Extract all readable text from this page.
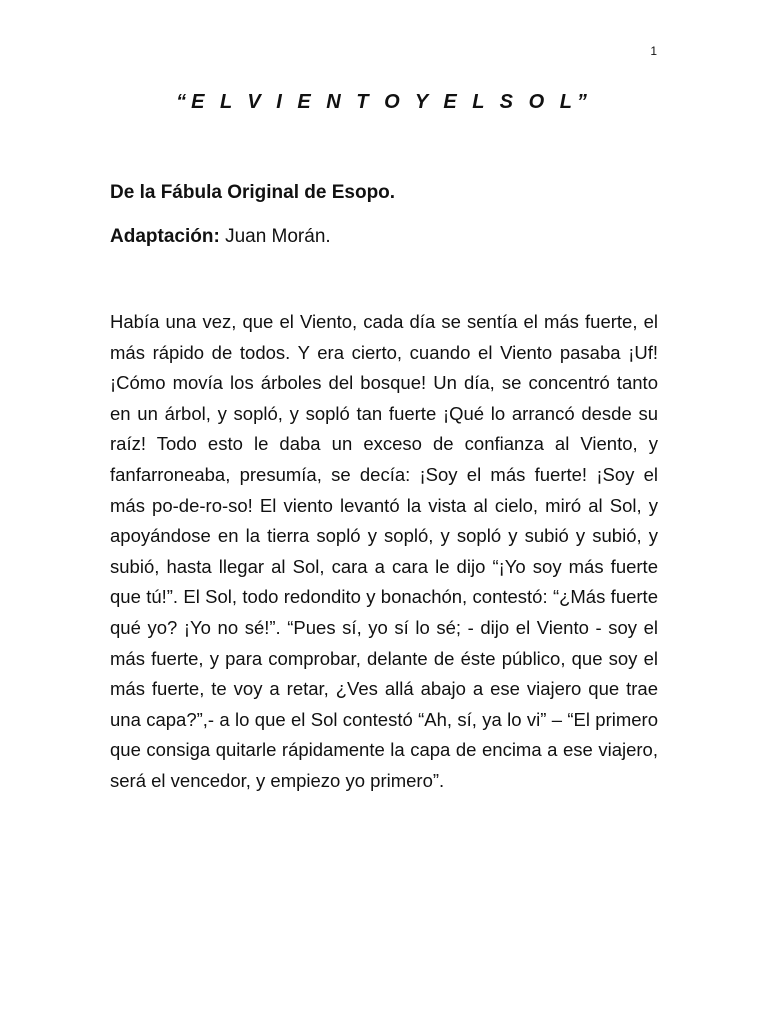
1
“E L V I E N T O Y E L S O L”
De la Fábula Original de Esopo.
Adaptación: Juan Morán.

Había una vez, que el Viento, cada día se sentía el más fuerte, el más rápido de todos. Y era cierto, cuando el Viento pasaba ¡Uf! ¡Cómo movía los árboles del bosque! Un día, se concentró tanto en un árbol, y sopló, y sopló tan fuerte ¡Qué lo arrancó desde su raíz! Todo esto le daba un exceso de confianza al Viento, y fanfarroneaba, presumía, se decía: ¡Soy el más fuerte! ¡Soy el más po-de-ro-so! El viento levantó la vista al cielo, miró al Sol, y apoyándose en la tierra sopló y sopló, y sopló y subió y subió, y subió, hasta llegar al Sol, cara a cara le dijo “¡Yo soy más fuerte que tú!”. El Sol, todo redondito y bonachón, contestó: “¿Más fuerte qué yo? ¡Yo no sé!”. “Pues sí, yo sí lo sé; - dijo el Viento - soy el más fuerte, y para comprobar, delante de éste público, que soy el más fuerte, te voy a retar, ¿Ves allá abajo a ese viajero que trae una capa?”,- a lo que el Sol contestó “Ah, sí, ya lo vi” – “El primero que consiga quitarle rápidamente la capa de encima a ese viajero, será el vencedor, y empiezo yo primero”.
